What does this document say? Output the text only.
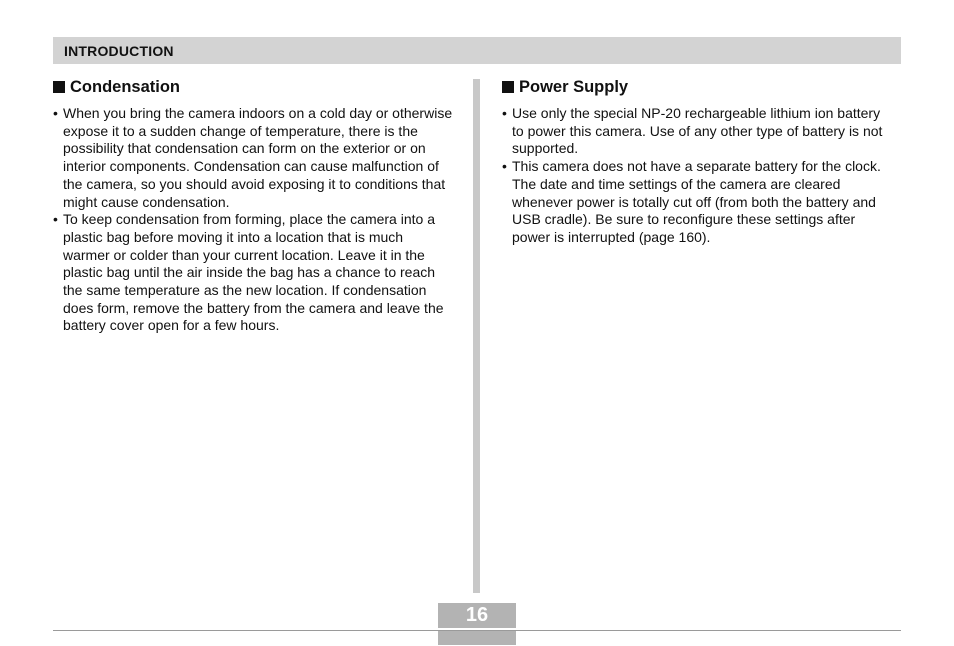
INTRODUCTION
Condensation
• When you bring the camera indoors on a cold day or otherwise expose it to a sudden change of temperature, there is the possibility that condensation can form on the exterior or on interior components. Condensation can cause malfunction of the camera, so you should avoid exposing it to conditions that might cause condensation.
• To keep condensation from forming, place the camera into a plastic bag before moving it into a location that is much warmer or colder than your current location. Leave it in the plastic bag until the air inside the bag has a chance to reach the same temperature as the new location. If condensation does form, remove the battery from the camera and leave the battery cover open for a few hours.
Power Supply
• Use only the special NP-20 rechargeable lithium ion battery to power this camera. Use of any other type of battery is not supported.
• This camera does not have a separate battery for the clock. The date and time settings of the camera are cleared whenever power is totally cut off (from both the battery and USB cradle). Be sure to reconfigure these settings after power is interrupted (page 160).
16
